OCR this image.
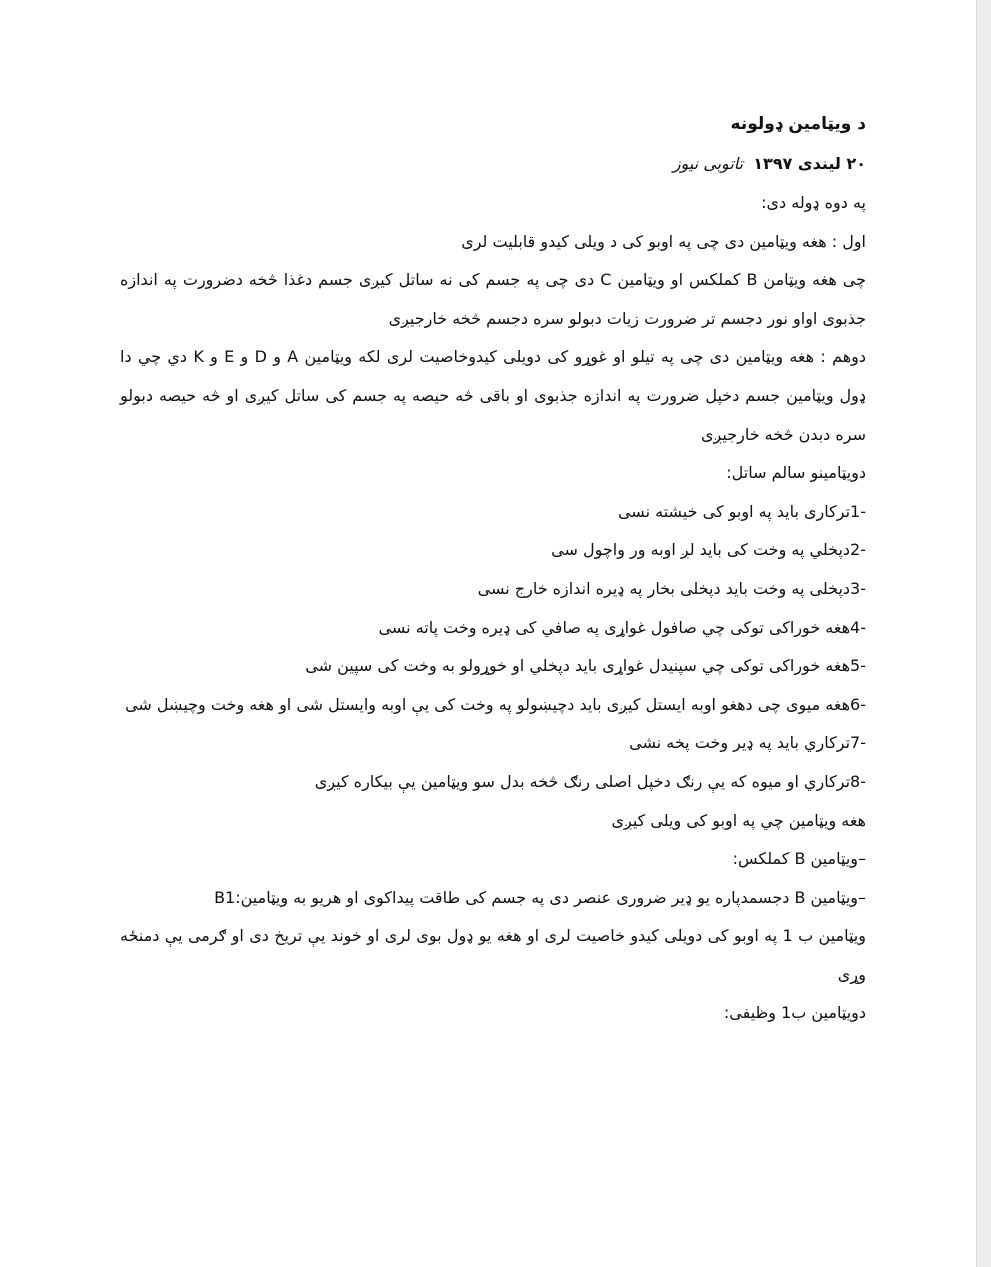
د ویټامین ډولونه

۲۰ لیندی ۱۳۹۷  تاتوبی نیوز

په دوه ډوله دی:

اول : هغه ویټامین دی چی په اوبو کی د ویلی کیدو قابلیت لری

چی هغه ویټامن B کملکس او ویټامین C دی چی په جسم کی نه ساتل کیږی جسم دغذا څخه دضرورت په اندازه جذبوی اواو نور دجسم تر ضرورت زیات دبولو سره دجسم څخه خارجیږی

دوهم : هغه ویټامین دی چی په تیلو او غوړو کی دویلی کیدوخاصیت لری لکه ویټامین A و D و E و K دي چي دا ډول ویټامین جسم دخپل ضرورت په اندازه جذبوی او باقی څه حیصه په جسم کی ساتل کیږی او څه حیصه دبولو سره دبدن څخه خارجیږی

دویټامینو سالم ساتل:

-1ترکاری باید په اوبو کی خیشته نسی

-2دپخلي په وخت کی باید لږ اوبه ور واچول سی

-3دپخلی په وخت باید دپخلی بخار په ډیره اندازه خارج نسی

-4هغه خوراکی توکی چي صافول غواړی په صافي کی ډیره وخت پاته نسی

-5هغه خوراکی توکی چي سپنیدل غواړی باید دپخلي او خوړولو به وخت کی سپین شی

-6هغه میوی چی دهغو اوبه ایستل کیږی باید دچیښولو په وخت کی یې اوبه وایستل شی او هغه وخت وچیښل شی

-7ترکاري باید په ډیر وخت پخه نشی

-8ترکاري او میوه که یې رنګ دخپل اصلی رنګ څخه بدل سو ویټامین یې بیکاره کیږی

هغه ویټامین چي په اوبو کی ویلی کیږی

–ویټامین B کملکس:

–ویټامین B دجسمدپاره یو ډیر ضروری عنصر دی په جسم کی طاقت پیداکوی او هریو به ویټامین:B1

ویټامین ب 1 په اوبو کی دویلی کیدو خاصیت لری او هغه یو ډول بوی لری او خوند یې تریخ دی او ګرمی یې دمنځه وړی

دویټامین ب1 وظیفی:
